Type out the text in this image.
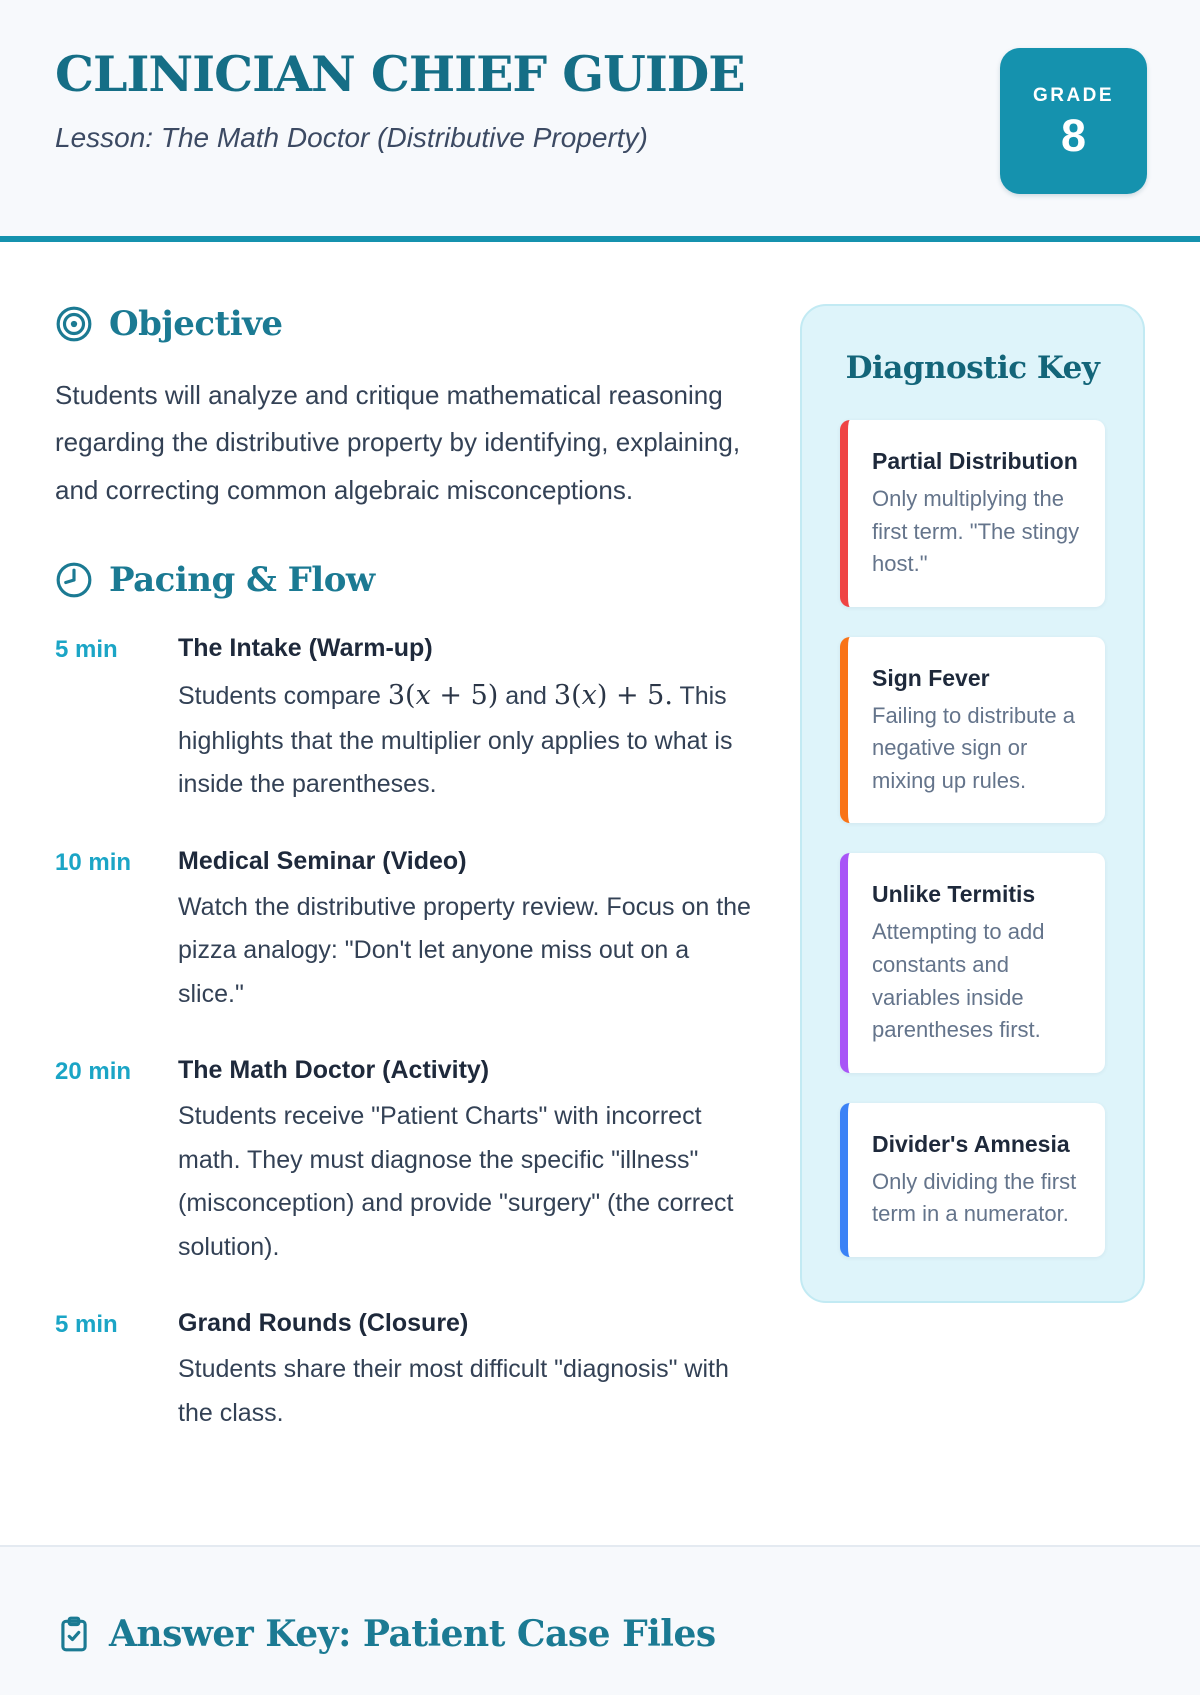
CLINICIAN CHIEF GUIDE

Lesson: The Math Doctor (Distributive Property)

GRADE
8
Objective

Students will analyze and critique mathematical reasoning regarding the distributive property by identifying, explaining, and correcting common algebraic misconceptions.

Pacing & Flow
5 min	The Intake (Warm-up)

Students compare 3(x + 5) and 3(x) + 5. This highlights that the multiplier only applies to what is inside the parentheses.

10 min	Medical Seminar (Video)

Watch the distributive property review. Focus on the pizza analogy: "Don't let anyone miss out on a slice."

20 min	The Math Doctor (Activity)

Students receive "Patient Charts" with incorrect math. They must diagnose the specific "illness" (misconception) and provide "surgery" (the correct solution).

5 min	Grand Rounds (Closure)

Students share their most difficult "diagnosis" with the class.

Diagnostic Key
Partial Distribution
Only multiplying the first term. "The stingy host."
Sign Fever
Failing to distribute a negative sign or mixing up rules.
Unlike Termitis
Attempting to add constants and variables inside parentheses first.
Divider's Amnesia
Only dividing the first term in a numerator.
Answer Key: Patient Case Files
